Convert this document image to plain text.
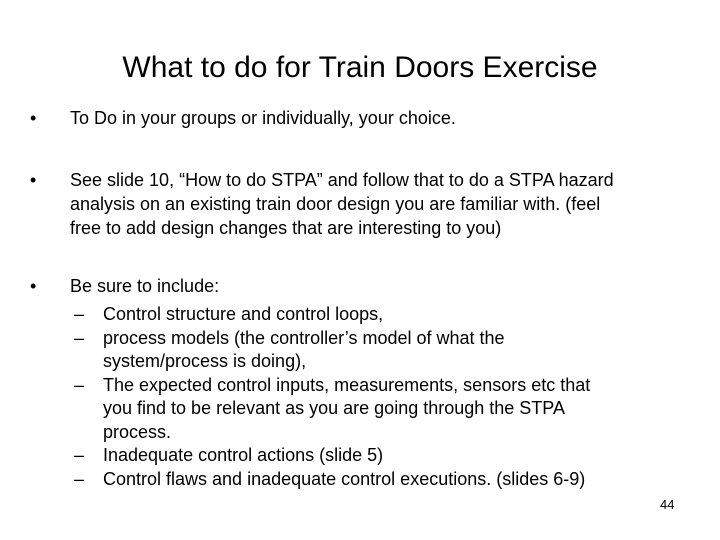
What to do for Train Doors Exercise
•	To Do in your groups or individually, your choice.
•	See slide 10, “How to do STPA” and follow that to do a STPA hazard
analysis on an existing train door design you are familiar with. (feel
free to add design changes that are interesting to you)
•	Be sure to include:
– Control structure and control loops,
– process models (the controller’s model of what the
system/process is doing),
– The expected control inputs, measurements, sensors etc that
you find to be relevant as you are going through the STPA
process.
– Inadequate control actions (slide 5)
– Control flaws and inadequate control executions. (slides 6-9)
44
